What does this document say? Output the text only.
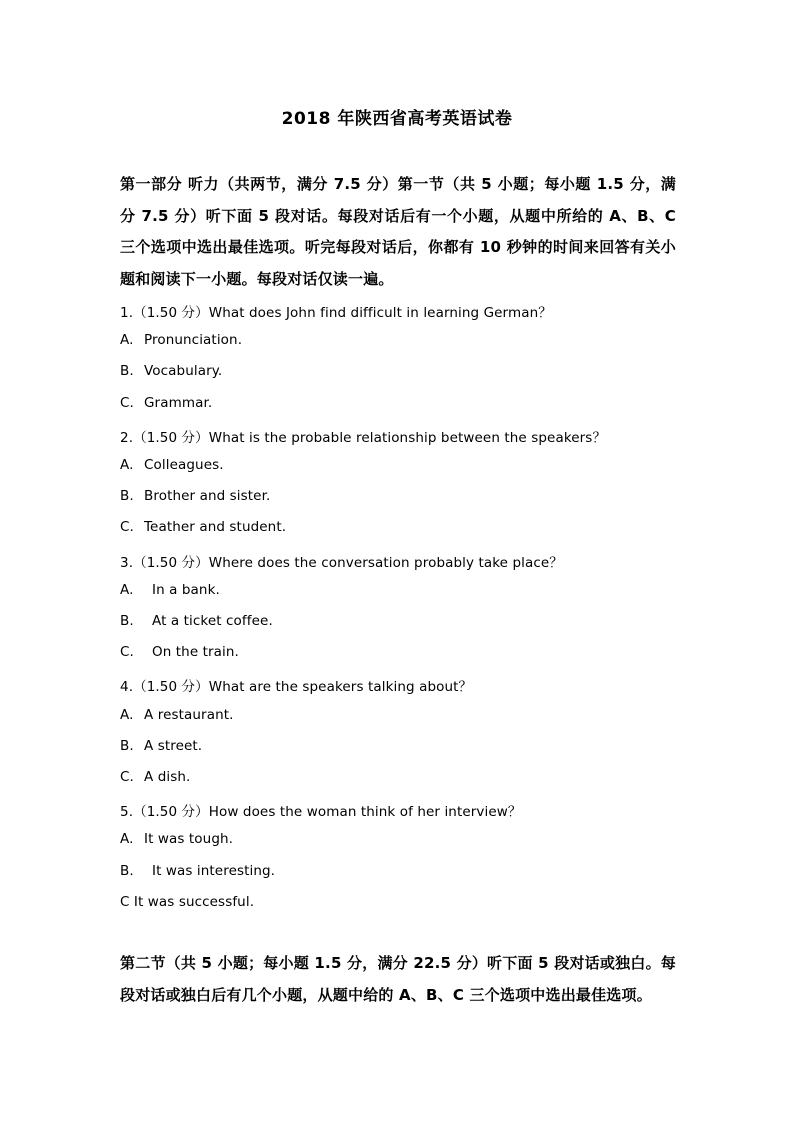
2018 年陕西省高考英语试卷
第一部分 听力（共两节，满分 7.5 分）第一节（共 5 小题；每小题 1.5 分，满分 7.5 分）听下面 5 段对话。每段对话后有一个小题，从题中所给的 A、B、C 三个选项中选出最佳选项。听完每段对话后，你都有 10 秒钟的时间来回答有关小题和阅读下一小题。每段对话仅读一遍。
1.（1.50 分）What does John find difficult in learning German？
A. Pronunciation.
B. Vocabulary.
C. Grammar.
2.（1.50 分）What is the probable relationship between the speakers？
A. Colleagues.
B. Brother and sister.
C. Teather and student.
3.（1.50 分）Where does the conversation probably take place？
A. In a bank.
B. At a ticket coffee.
C. On the train.
4.（1.50 分）What are the speakers talking about？
A. A restaurant.
B. A street.
C. A dish.
5.（1.50 分）How does the woman think of her interview？
A. It was tough.
B. It was interesting.
C It was successful.
第二节（共 5 小题；每小题 1.5 分，满分 22.5 分）听下面 5 段对话或独白。每段对话或独白后有几个小题，从题中给的 A、B、C 三个选项中选出最佳选项。
